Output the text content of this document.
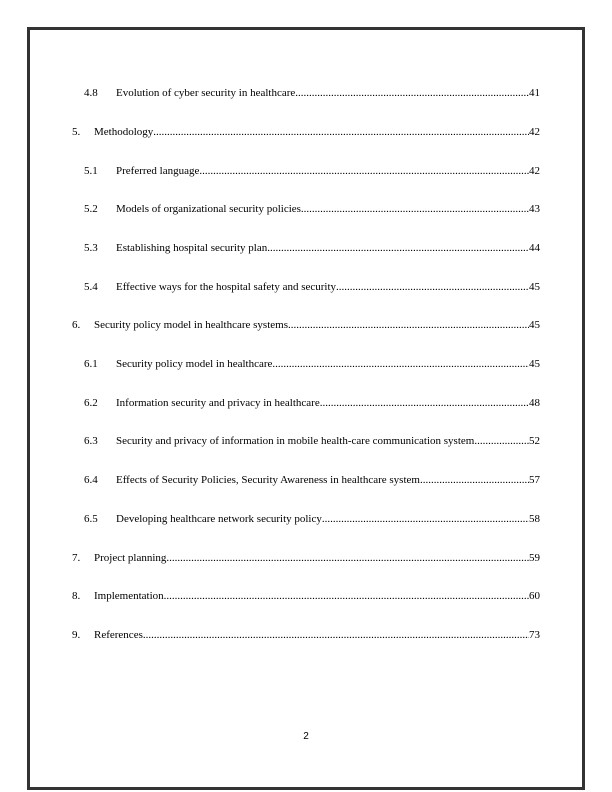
4.8	Evolution of cyber security in healthcare .....	41
5.	Methodology .....	42
5.1	Preferred language .....	42
5.2	Models of organizational security policies .....	43
5.3	Establishing hospital security plan .....	44
5.4	Effective ways for the hospital safety and security .....	45
6.	Security policy model in healthcare systems .....	45
6.1	Security policy model in healthcare .....	45
6.2	Information security and privacy in healthcare .....	48
6.3	Security and privacy of information in mobile health-care communication system .....	52
6.4	Effects of Security Policies, Security Awareness in healthcare system .....	57
6.5	Developing healthcare network security policy .....	58
7.	Project planning .....	59
8.	Implementation .....	60
9.	References .....	73
2
